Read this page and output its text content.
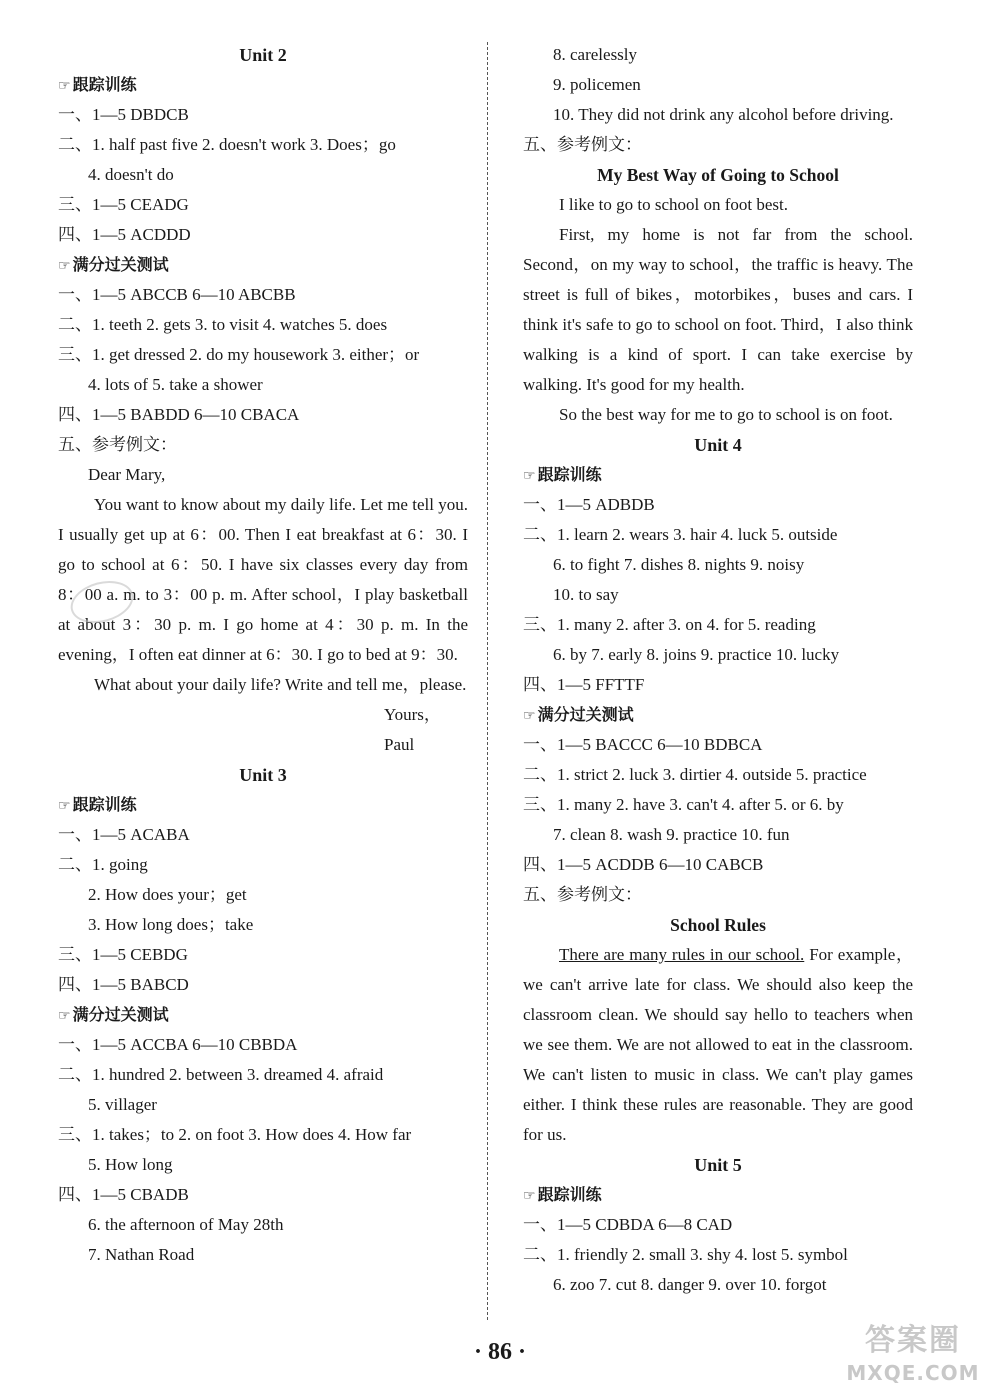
Unit 2
☞ 跟踪训练
一、1—5 DBDCB
二、1. half past five 2. doesn't work 3. Does；go
4. doesn't do
三、1—5 CEADG
四、1—5 ACDDD
☞ 满分过关测试
一、1—5 ABCCB 6—10 ABCBB
二、1. teeth 2. gets 3. to visit 4. watches 5. does
三、1. get dressed 2. do my housework 3. either；or
4. lots of 5. take a shower
四、1—5 BABDD 6—10 CBACA
五、参考例文：
Dear Mary,

You want to know about my daily life. Let me tell you. I usually get up at 6：00. Then I eat breakfast at 6：30. I go to school at 6：50. I have six classes every day from 8：00 a. m. to 3：00 p. m. After school，I play basketball at about 3：30 p. m. I go home at 4：30 p. m. In the evening，I often eat dinner at 6：30. I go to bed at 9：30.

What about your daily life? Write and tell me，please.

Yours，
Paul
Unit 3
☞ 跟踪训练
一、1—5 ACABA
二、1. going
2. How does your；get
3. How long does；take
三、1—5 CEBDG
四、1—5 BABCD
☞ 满分过关测试
一、1—5 ACCBA 6—10 CBBDA
二、1. hundred 2. between 3. dreamed 4. afraid
5. villager
三、1. takes；to 2. on foot 3. How does 4. How far
5. How long
四、1—5 CBADB
6. the afternoon of May 28th
7. Nathan Road
8. carelessly
9. policemen
10. They did not drink any alcohol before driving.
五、参考例文：
My Best Way of Going to School

I like to go to school on foot best.

First, my home is not far from the school. Second，on my way to school，the traffic is heavy. The street is full of bikes，motorbikes，buses and cars. I think it's safe to go to school on foot. Third，I also think walking is a kind of sport. I can take exercise by walking. It's good for my health.

So the best way for me to go to school is on foot.

Unit 4
☞ 跟踪训练
一、1—5 ADBDB
二、1. learn 2. wears 3. hair 4. luck 5. outside
6. to fight 7. dishes 8. nights 9. noisy
10. to say
三、1. many 2. after 3. on 4. for 5. reading
6. by 7. early 8. joins 9. practice 10. lucky
四、1—5 FFTTF
☞ 满分过关测试
一、1—5 BACCC 6—10 BDBCA
二、1. strict 2. luck 3. dirtier 4. outside 5. practice
三、1. many 2. have 3. can't 4. after 5. or 6. by
7. clean 8. wash 9. practice 10. fun
四、1—5 ACDDB 6—10 CABCB
五、参考例文：
School Rules

There are many rules in our school. For example，we can't arrive late for class. We should also keep the classroom clean. We should say hello to teachers when we see them. We are not allowed to eat in the classroom. We can't listen to music in class. We can't play games either. I think these rules are reasonable. They are good for us.

Unit 5
☞ 跟踪训练
一、1—5 CDBDA 6—8 CAD
二、1. friendly 2. small 3. shy 4. lost 5. symbol
6. zoo 7. cut 8. danger 9. over 10. forgot
· 86 ·	答案圈
MXQE.COM
